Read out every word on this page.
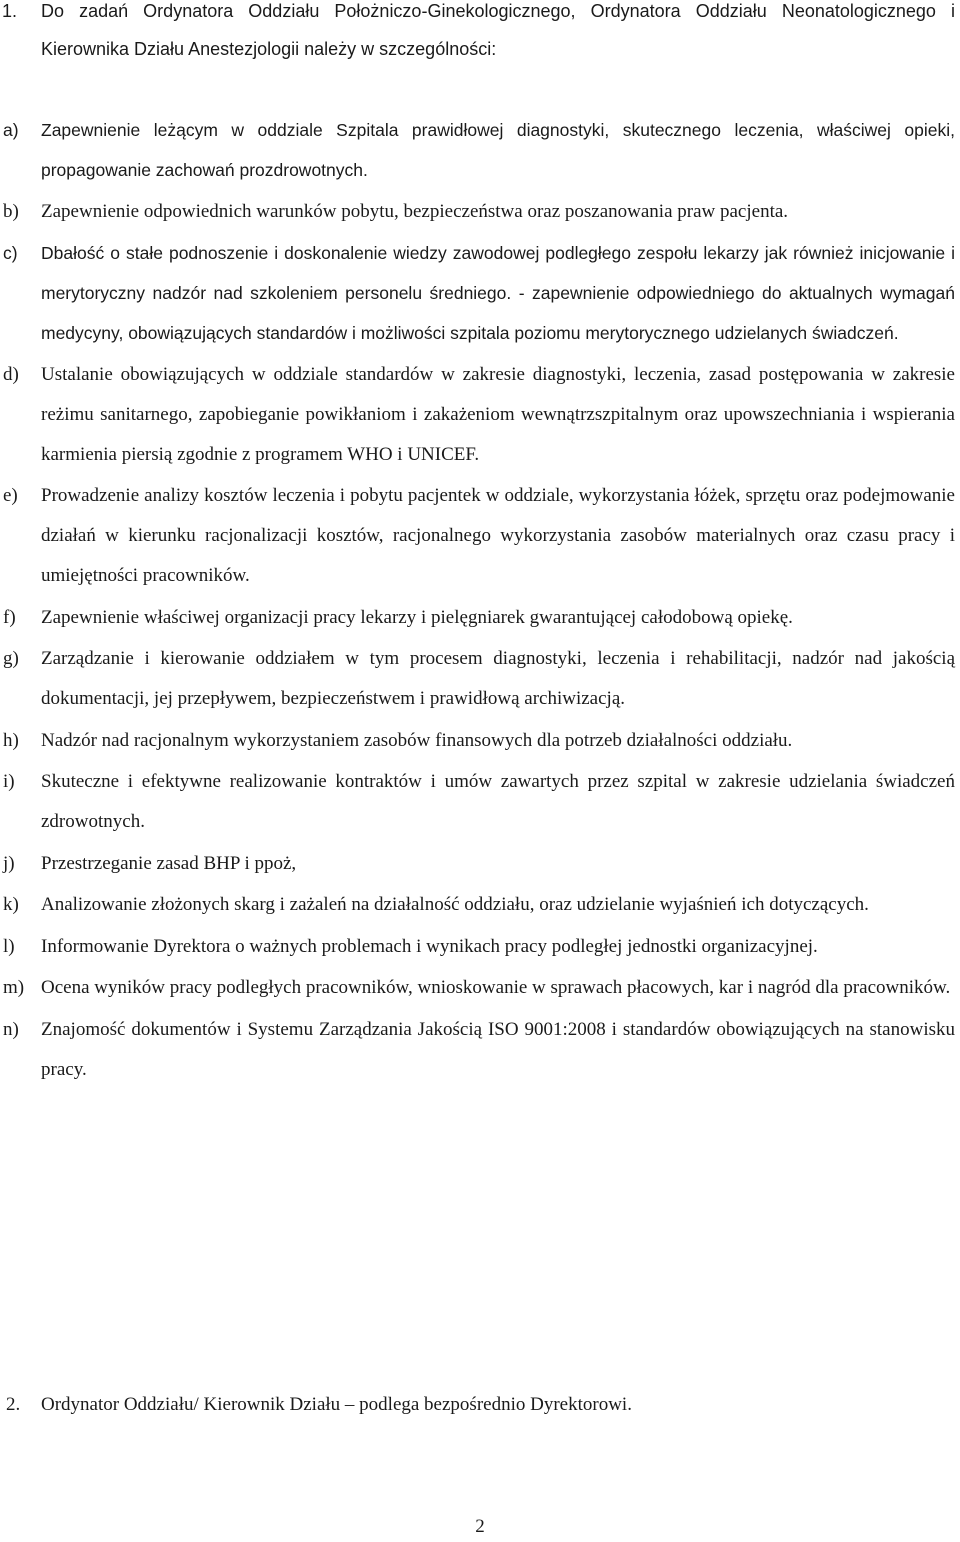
1. Do zadań Ordynatora Oddziału Położniczo-Ginekologicznego, Ordynatora Oddziału Neonatologicznego i Kierownika Działu Anestezjologii należy w szczególności:
a) Zapewnienie leżącym w oddziale Szpitala prawidłowej diagnostyki, skutecznego leczenia, właściwej opieki, propagowanie zachowań prozdrowotnych.
b) Zapewnienie odpowiednich warunków pobytu, bezpieczeństwa oraz poszanowania praw pacjenta.
c) Dbałość o stałe podnoszenie i doskonalenie wiedzy zawodowej podległego zespołu lekarzy jak również inicjowanie i merytoryczny nadzór nad szkoleniem personelu średniego. - zapewnienie odpowiedniego do aktualnych wymagań medycyny, obowiązujących standardów i możliwości szpitala poziomu merytorycznego udzielanych świadczeń.
d) Ustalanie obowiązujących w oddziale standardów w zakresie diagnostyki, leczenia, zasad postępowania w zakresie reżimu sanitarnego, zapobieganie powikłaniom i zakażeniom wewnątrzszpitalnym oraz upowszechniania i wspierania karmienia piersią zgodnie z programem WHO i UNICEF.
e) Prowadzenie analizy kosztów leczenia i pobytu pacjentek w oddziale, wykorzystania łóżek, sprzętu oraz podejmowanie działań w kierunku racjonalizacji kosztów, racjonalnego wykorzystania zasobów materialnych oraz czasu pracy i umiejętności pracowników.
f) Zapewnienie właściwej organizacji pracy lekarzy i pielęgniarek gwarantującej całodobową opiekę.
g) Zarządzanie i kierowanie oddziałem w tym procesem diagnostyki, leczenia i rehabilitacji, nadzór nad jakością dokumentacji, jej przepływem, bezpieczeństwem i prawidłową archiwizacją.
h) Nadzór nad racjonalnym wykorzystaniem zasobów finansowych dla potrzeb działalności oddziału.
i) Skuteczne i efektywne realizowanie kontraktów i umów zawartych przez szpital w zakresie udzielania świadczeń zdrowotnych.
j) Przestrzeganie zasad BHP i ppoż,
k) Analizowanie złożonych skarg i zażaleń na działalność oddziału, oraz udzielanie wyjaśnień ich dotyczących.
l) Informowanie Dyrektora o ważnych problemach i wynikach pracy podległej jednostki organizacyjnej.
m) Ocena wyników pracy podległych pracowników, wnioskowanie w sprawach płacowych, kar i nagród dla pracowników.
n) Znajomość dokumentów i Systemu Zarządzania Jakością ISO 9001:2008 i standardów obowiązujących na stanowisku pracy.
2. Ordynator Oddziału/ Kierownik Działu – podlega bezpośrednio Dyrektorowi.
2
